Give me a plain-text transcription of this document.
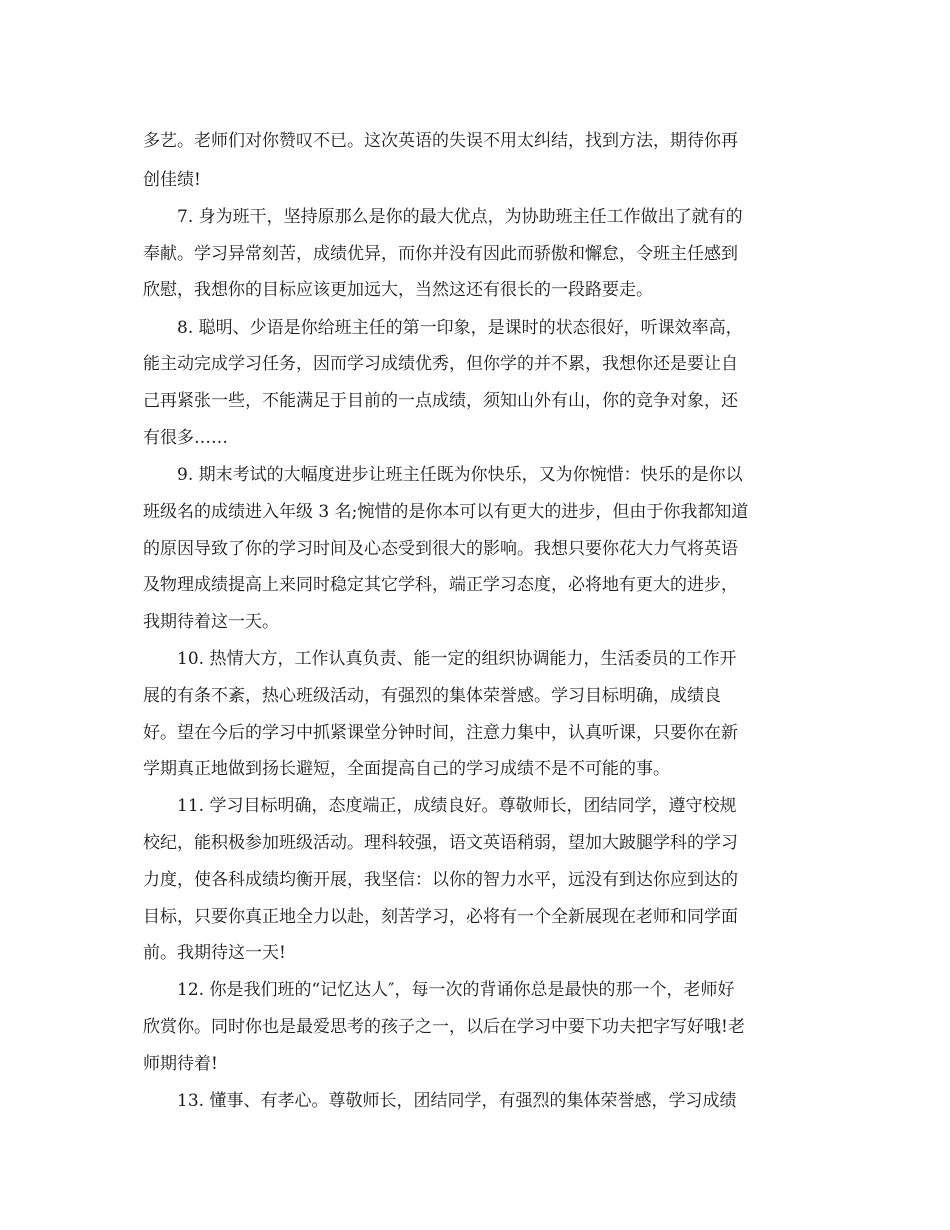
多艺。老师们对你赞叹不已。这次英语的失误不用太纠结，找到方法，期待你再
创佳绩!
7. 身为班干，坚持原那么是你的最大优点，为协助班主任工作做出了就有的
奉献。学习异常刻苦，成绩优异，而你并没有因此而骄傲和懈怠，令班主任感到
欣慰，我想你的目标应该更加远大，当然这还有很长的一段路要走。
8. 聪明、少语是你给班主任的第一印象，是课时的状态很好，听课效率高，
能主动完成学习任务，因而学习成绩优秀，但你学的并不累，我想你还是要让自
己再紧张一些，不能满足于目前的一点成绩，须知山外有山，你的竞争对象，还
有很多……
9. 期末考试的大幅度进步让班主任既为你快乐，又为你惋惜：快乐的是你以
班级名的成绩进入年级 3 名;惋惜的是你本可以有更大的进步，但由于你我都知道
的原因导致了你的学习时间及心态受到很大的影响。我想只要你花大力气将英语
及物理成绩提高上来同时稳定其它学科，端正学习态度，必将地有更大的进步，
我期待着这一天。
10. 热情大方，工作认真负责、能一定的组织协调能力，生活委员的工作开
展的有条不紊，热心班级活动，有强烈的集体荣誉感。学习目标明确，成绩良
好。望在今后的学习中抓紧课堂分钟时间，注意力集中，认真听课，只要你在新
学期真正地做到扬长避短，全面提高自己的学习成绩不是不可能的事。
11. 学习目标明确，态度端正，成绩良好。尊敬师长，团结同学，遵守校规
校纪，能积极参加班级活动。理科较强，语文英语稍弱，望加大跛腿学科的学习
力度，使各科成绩均衡开展，我坚信：以你的智力水平，远没有到达你应到达的
目标，只要你真正地全力以赴，刻苦学习，必将有一个全新展现在老师和同学面
前。我期待这一天!
12. 你是我们班的“记忆达人″，每一次的背诵你总是最快的那一个，老师好
欣赏你。同时你也是最爱思考的孩子之一，以后在学习中要下功夫把字写好哦!老
师期待着!
13. 懂事、有孝心。尊敬师长，团结同学，有强烈的集体荣誉感，学习成绩
